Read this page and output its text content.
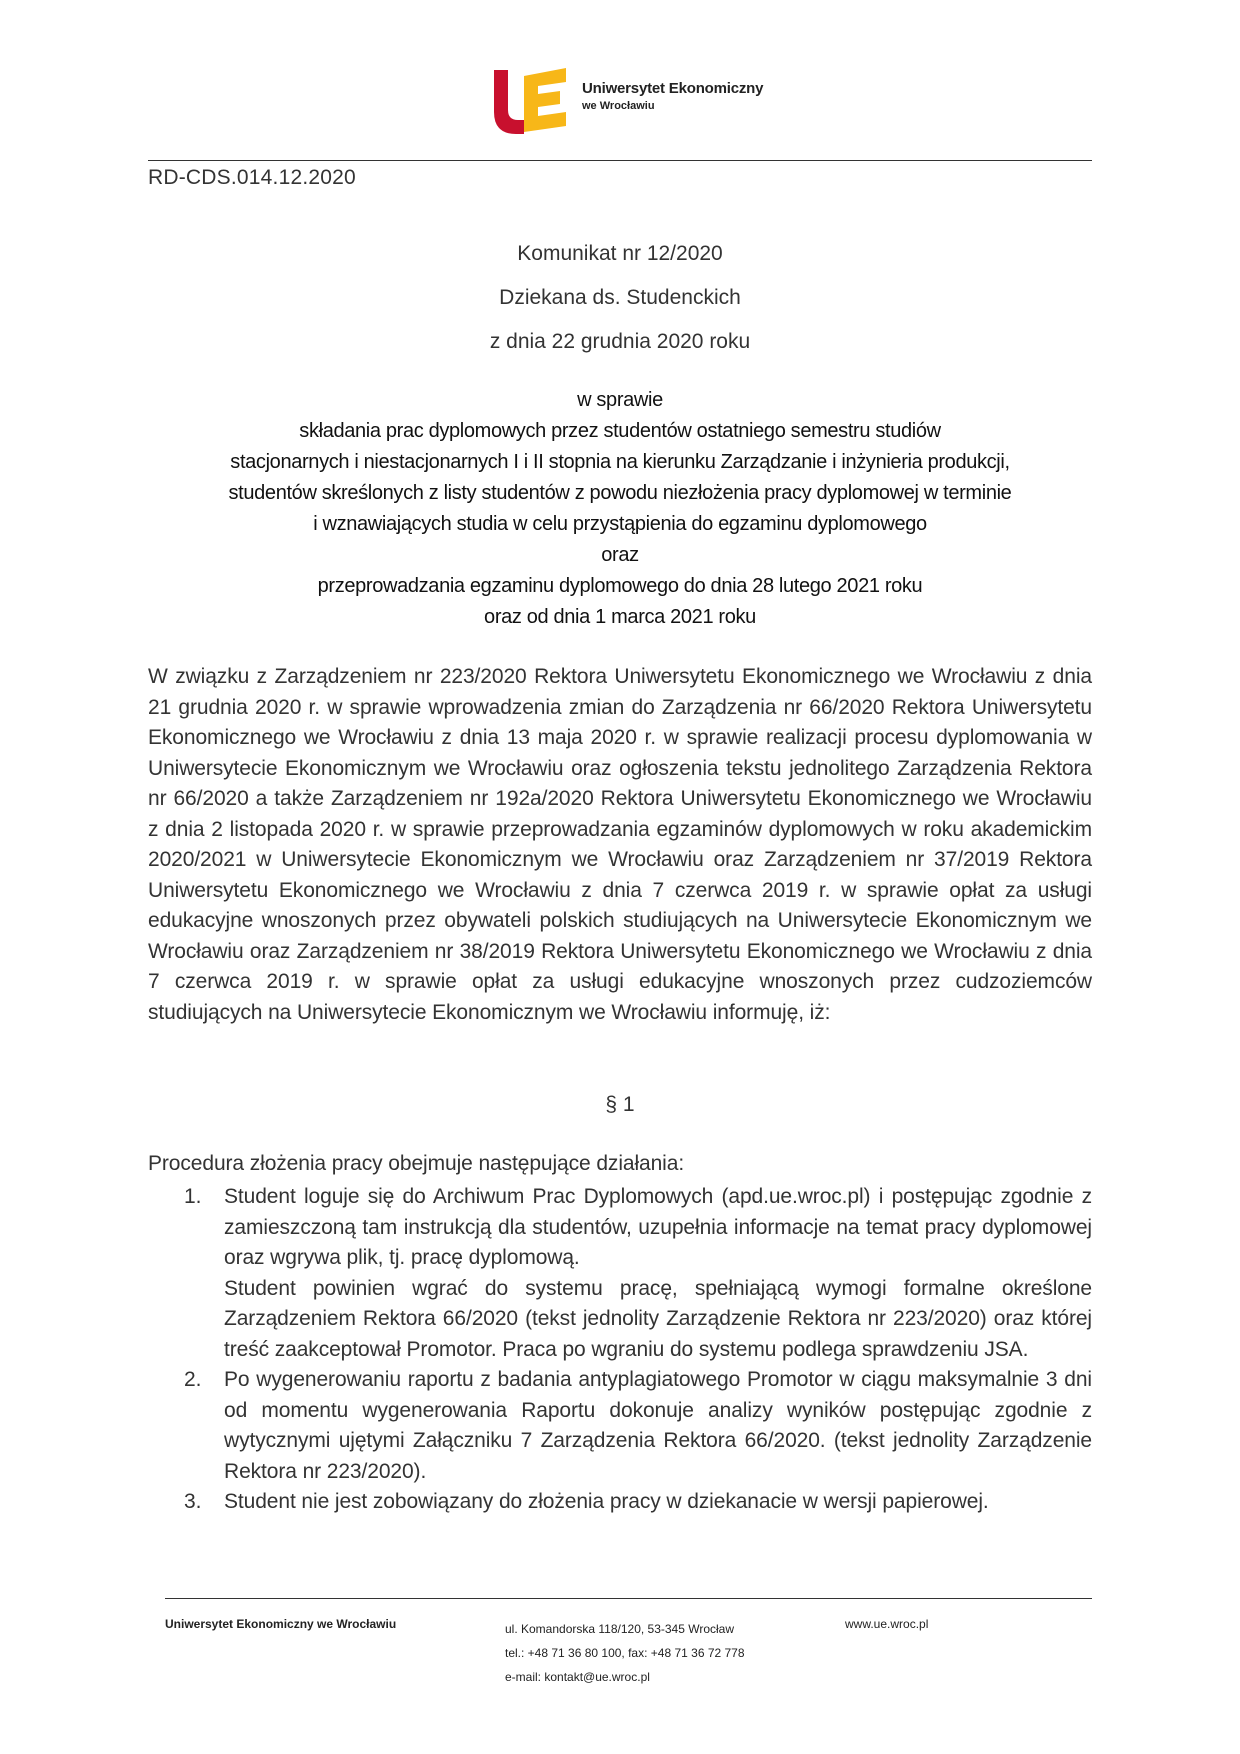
Uniwersytet Ekonomiczny
we Wrocławiu
RD-CDS.014.12.2020
Komunikat nr 12/2020
Dziekana ds. Studenckich
z dnia 22 grudnia 2020 roku
w sprawie
składania prac dyplomowych przez studentów ostatniego semestru studiów
stacjonarnych i niestacjonarnych I i II stopnia na kierunku Zarządzanie i inżynieria produkcji,
studentów skreślonych z listy studentów z powodu niezłożenia pracy dyplomowej w terminie
i wznawiających studia w celu przystąpienia do egzaminu dyplomowego
oraz
przeprowadzania egzaminu dyplomowego do dnia 28 lutego 2021 roku
oraz od dnia 1 marca 2021 roku
W związku z Zarządzeniem nr 223/2020 Rektora Uniwersytetu Ekonomicznego we Wrocławiu z dnia 21 grudnia 2020 r. w sprawie wprowadzenia zmian do Zarządzenia nr 66/2020 Rektora Uniwersytetu Ekonomicznego we Wrocławiu z dnia 13 maja 2020 r. w sprawie realizacji procesu dyplomowania w Uniwersytecie Ekonomicznym we Wrocławiu oraz ogłoszenia tekstu jednolitego Zarządzenia Rektora nr 66/2020 a także Zarządzeniem nr 192a/2020 Rektora Uniwersytetu Ekonomicznego we Wrocławiu z dnia 2 listopada 2020 r. w sprawie przeprowadzania egzaminów dyplomowych w roku akademickim 2020/2021 w Uniwersytecie Ekonomicznym we Wrocławiu oraz Zarządzeniem nr 37/2019 Rektora Uniwersytetu Ekonomicznego we Wrocławiu z dnia 7 czerwca 2019 r. w sprawie opłat za usługi edukacyjne wnoszonych przez obywateli polskich studiujących na Uniwersytecie Ekonomicznym we Wrocławiu oraz Zarządzeniem nr 38/2019 Rektora Uniwersytetu Ekonomicznego we Wrocławiu z dnia 7 czerwca 2019 r. w sprawie opłat za usługi edukacyjne wnoszonych przez cudzoziemców studiujących na Uniwersytecie Ekonomicznym we Wrocławiu informuję, iż:
§ 1
Procedura złożenia pracy obejmuje następujące działania:
1. Student loguje się do Archiwum Prac Dyplomowych (apd.ue.wroc.pl) i postępując zgodnie z zamieszczoną tam instrukcją dla studentów, uzupełnia informacje na temat pracy dyplomowej oraz wgrywa plik, tj. pracę dyplomową.
Student powinien wgrać do systemu pracę, spełniającą wymogi formalne określone Zarządzeniem Rektora 66/2020 (tekst jednolity Zarządzenie Rektora nr 223/2020) oraz której treść zaakceptował Promotor. Praca po wgraniu do systemu podlega sprawdzeniu JSA.
2. Po wygenerowaniu raportu z badania antyplagiatowego Promotor w ciągu maksymalnie 3 dni od momentu wygenerowania Raportu dokonuje analizy wyników postępując zgodnie z wytycznymi ujętymi Załączniku 7 Zarządzenia Rektora 66/2020. (tekst jednolity Zarządzenie Rektora nr 223/2020).
3. Student nie jest zobowiązany do złożenia pracy w dziekanacie w wersji papierowej.
Uniwersytet Ekonomiczny we Wrocławiu	ul. Komandorska 118/120, 53-345 Wrocław
tel.: +48 71 36 80 100, fax: +48 71 36 72 778
e-mail: kontakt@ue.wroc.pl
www.ue.wroc.pl
